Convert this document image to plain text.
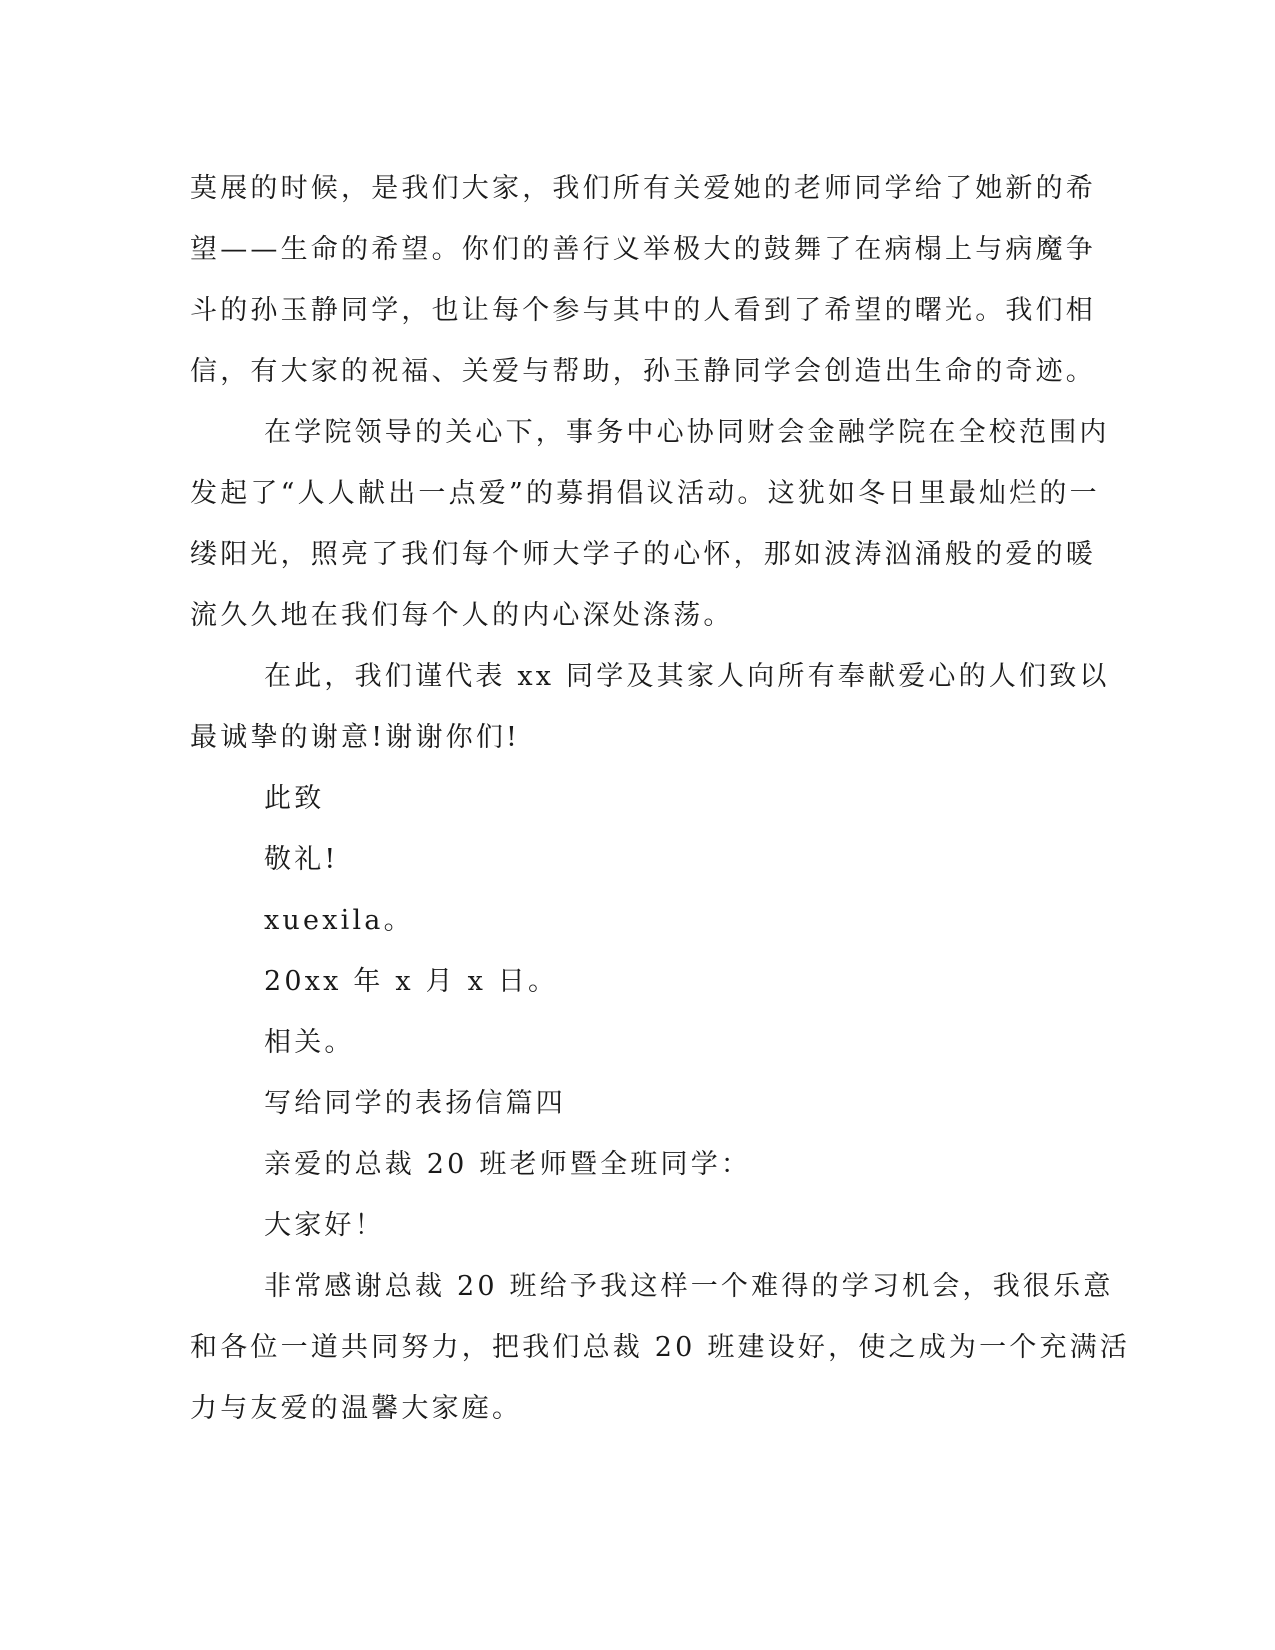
莫展的时候，是我们大家，我们所有关爱她的老师同学给了她新的希
望——生命的希望。你们的善行义举极大的鼓舞了在病榻上与病魔争
斗的孙玉静同学，也让每个参与其中的人看到了希望的曙光。我们相
信，有大家的祝福、关爱与帮助，孙玉静同学会创造出生命的奇迹。
在学院领导的关心下，事务中心协同财会金融学院在全校范围内
发起了“人人献出一点爱”的募捐倡议活动。这犹如冬日里最灿烂的一
缕阳光，照亮了我们每个师大学子的心怀，那如波涛汹涌般的爱的暖
流久久地在我们每个人的内心深处涤荡。
在此，我们谨代表 xx 同学及其家人向所有奉献爱心的人们致以
最诚挚的谢意!谢谢你们!
此致
敬礼!
xuexila。
20xx 年 x 月 x 日。
相关。
写给同学的表扬信篇四
亲爱的总裁 20 班老师暨全班同学：
大家好！
非常感谢总裁 20 班给予我这样一个难得的学习机会，我很乐意
和各位一道共同努力，把我们总裁 20 班建设好，使之成为一个充满活
力与友爱的温馨大家庭。
